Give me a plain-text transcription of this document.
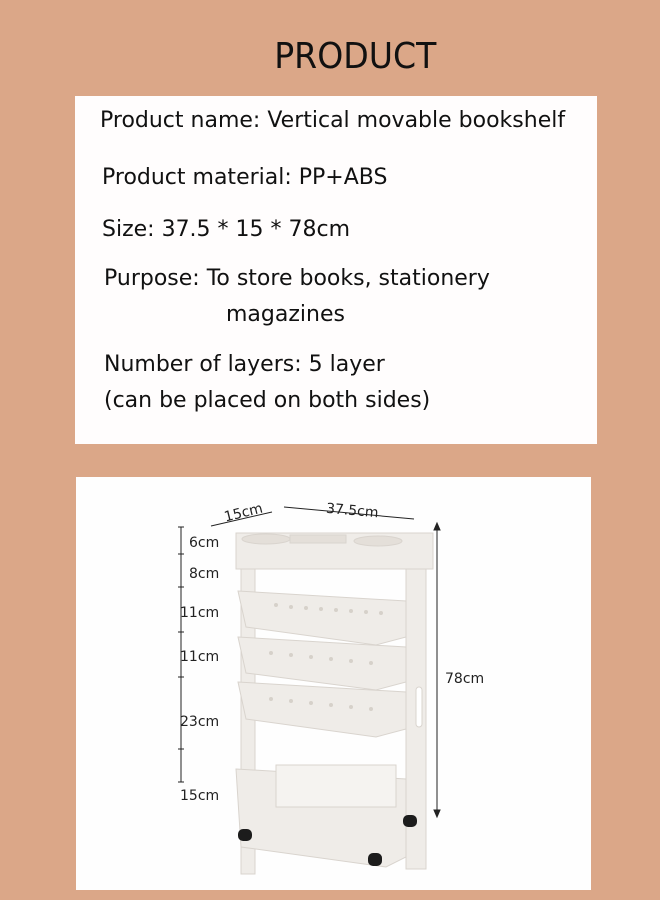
PRODUCT
Product name: Vertical movable bookshelf
Product material: PP+ABS
Size: 37.5 * 15 * 78cm
Purpose: To store books, stationery
magazines
Number of layers: 5 layer
(can be placed on both sides)
15cm	37.5cm
6cm
8cm
11cm
11cm
23cm
15cm
78cm
